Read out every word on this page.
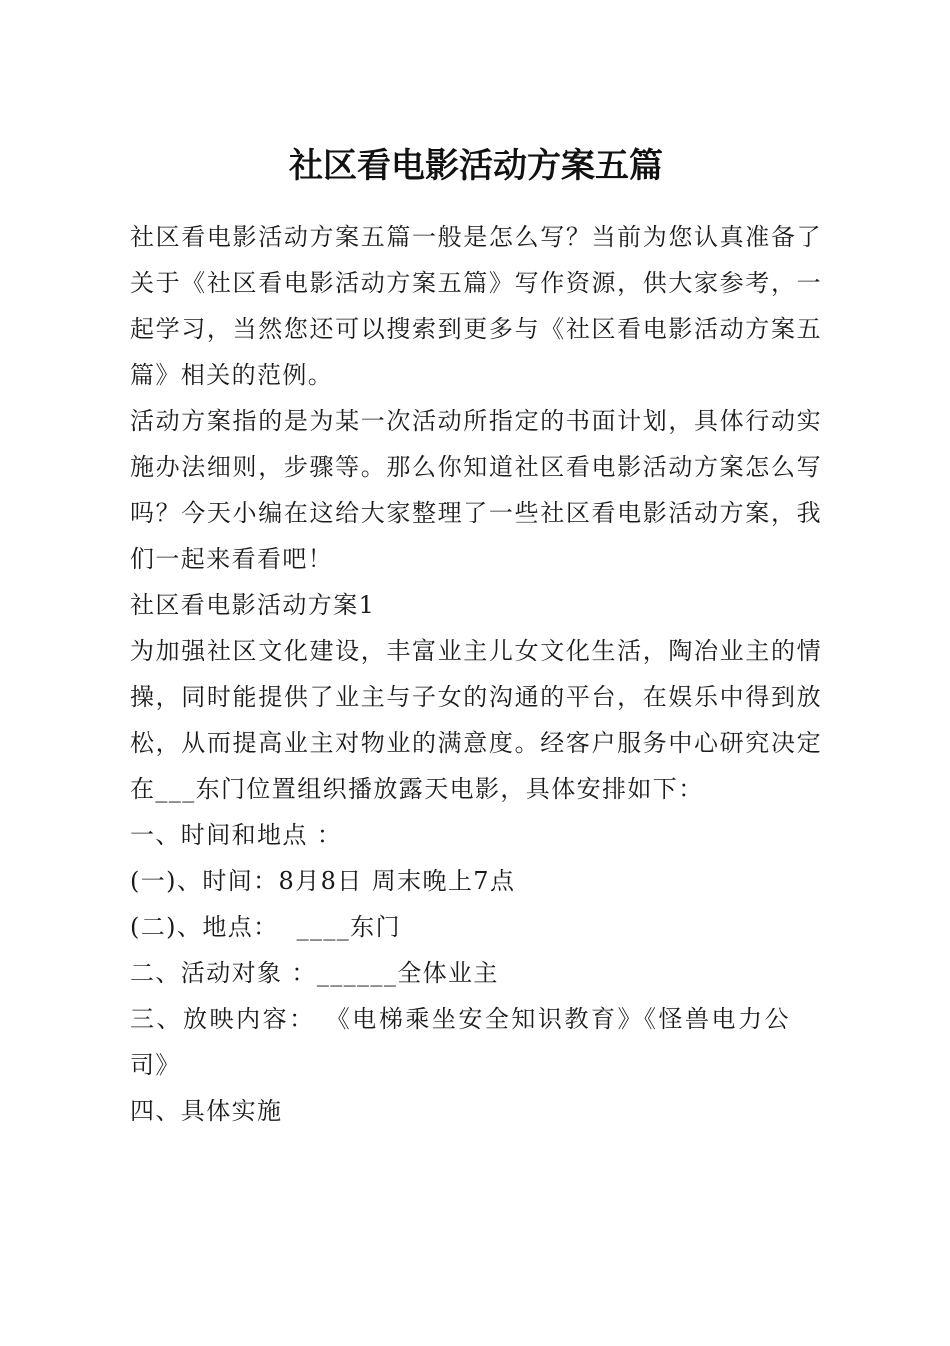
社区看电影活动方案五篇

社区看电影活动方案五篇一般是怎么写？当前为您认真准备了关于《社区看电影活动方案五篇》写作资源，供大家参考，一起学习，当然您还可以搜索到更多与《社区看电影活动方案五篇》相关的范例。

活动方案指的是为某一次活动所指定的书面计划，具体行动实施办法细则，步骤等。那么你知道社区看电影活动方案怎么写吗？今天小编在这给大家整理了一些社区看电影活动方案，我们一起来看看吧！

社区看电影活动方案1

为加强社区文化建设，丰富业主儿女文化生活，陶冶业主的情操，同时能提供了业主与子女的沟通的平台，在娱乐中得到放松，从而提高业主对物业的满意度。经客户服务中心研究决定在___东门位置组织播放露天电影，具体安排如下：

一、时间和地点 ：

(一)、时间：8月8日 周末晚上7点

(二)、地点：  ____东门

二、活动对象 ：______全体业主

三、放映内容： 《电梯乘坐安全知识教育》《怪兽电力公司》

四、具体实施
